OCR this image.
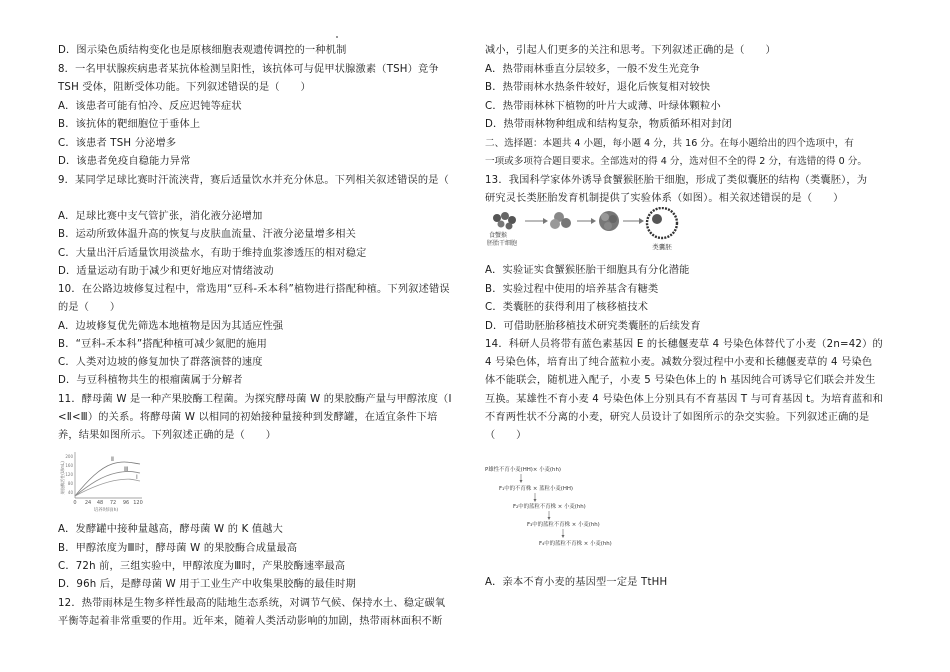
D．图示染色质结构变化也是原核细胞表观遗传调控的一种机制
8．一名甲状腺疾病患者某抗体检测呈阳性，该抗体可与促甲状腺激素（TSH）竞争
TSH 受体，阻断受体功能。下列叙述错误的是（　　）
A．该患者可能有怕冷、反应迟钝等症状
B．该抗体的靶细胞位于垂体上
C．该患者 TSH 分泌增多
D．该患者免疫自稳能力异常
9．某同学足球比赛时汗流浃背，赛后适量饮水并充分休息。下列相关叙述错误的是（
A．足球比赛中支气管扩张，消化液分泌增加
B．运动所致体温升高的恢复与皮肤血流量、汗液分泌量增多相关
C．大量出汗后适量饮用淡盐水，有助于维持血浆渗透压的相对稳定
D．适量运动有助于减少和更好地应对情绪波动
10．在公路边坡修复过程中，常选用“豆科-禾本科”植物进行搭配种植。下列叙述错误
的是（　　）
A．边坡修复优先筛选本地植物是因为其适应性强
B．“豆科-禾本科”搭配种植可减少氮肥的施用
C．人类对边坡的修复加快了群落演替的速度
D．与豆科植物共生的根瘤菌属于分解者
11．酵母菌 W 是一种产果胶酶工程菌。为探究酵母菌 W 的果胶酶产量与甲醇浓度（I
<Ⅱ<Ⅲ）的关系。将酵母菌 W 以相同的初始接种量接种到发酵罐，在适宜条件下培
养，结果如图所示。下列叙述正确的是（　　）
果胶酶活性(U/mL)
200
160
120
80
40
Ⅱ
Ⅲ
Ⅰ
0 24 48 72 96 120
培养时间(h)
A．发酵罐中接种量越高，酵母菌 W 的 K 值越大
B．甲醇浓度为Ⅲ时，酵母菌 W 的果胶酶合成量最高
C．72h 前，三组实验中，甲醇浓度为Ⅲ时，产果胶酶速率最高
D．96h 后，是酵母菌 W 用于工业生产中收集果胶酶的最佳时期
12．热带雨林是生物多样性最高的陆地生态系统，对调节气候、保持水土、稳定碳氧
平衡等起着非常重要的作用。近年来，随着人类活动影响的加剧，热带雨林面积不断
减小，引起人们更多的关注和思考。下列叙述正确的是（　　）
A．热带雨林垂直分层较多，一般不发生光竞争
B．热带雨林水热条件较好，退化后恢复相对较快
C．热带雨林林下植物的叶片大或薄、叶绿体颗粒小
D．热带雨林物种组成和结构复杂，物质循环相对封闭
二、选择题：本题共 4 小题，每小题 4 分，共 16 分。在每小题给出的四个选项中，有
一项或多项符合题目要求。全部选对的得 4 分，选对但不全的得 2 分，有选错的得 0 分。
13．我国科学家体外诱导食蟹猴胚胎干细胞，形成了类似囊胚的结构（类囊胚），为
研究灵长类胚胎发育机制提供了实验体系（如图）。相关叙述错误的是（　　）
食蟹猴
胚胎干细胞	类囊胚
A．实验证实食蟹猴胚胎干细胞具有分化潜能
B．实验过程中使用的培养基含有糖类
C．类囊胚的获得利用了核移植技术
D．可借助胚胎移植技术研究类囊胚的后续发育
14．科研人员将带有蓝色素基因 E 的长穗偃麦草 4 号染色体替代了小麦（2n=42）的
4 号染色体，培育出了纯合蓝粒小麦。减数分裂过程中小麦和长穗偃麦草的 4 号染色
体不能联会，随机进入配子，小麦 5 号染色体上的 h 基因纯合可诱导它们联会并发生
互换。某雄性不育小麦 4 号染色体上分别具有不育基因 T 与可育基因 t。为培育蓝和和
不育两性状不分离的小麦，研究人员设计了如图所示的杂交实验。下列叙述正确的是
（　　）
P雄性不育小麦(HH)× 小麦(hh)
F₁中的不育株 × 蓝粒小麦(HH)
F₂中的蓝粒不育株 × 小麦(hh)
F₃中的蓝粒不育株 × 小麦(hh)
F₄中的蓝粒不育株 × 小麦(hh)
A．亲本不育小麦的基因型一定是 TtHH
